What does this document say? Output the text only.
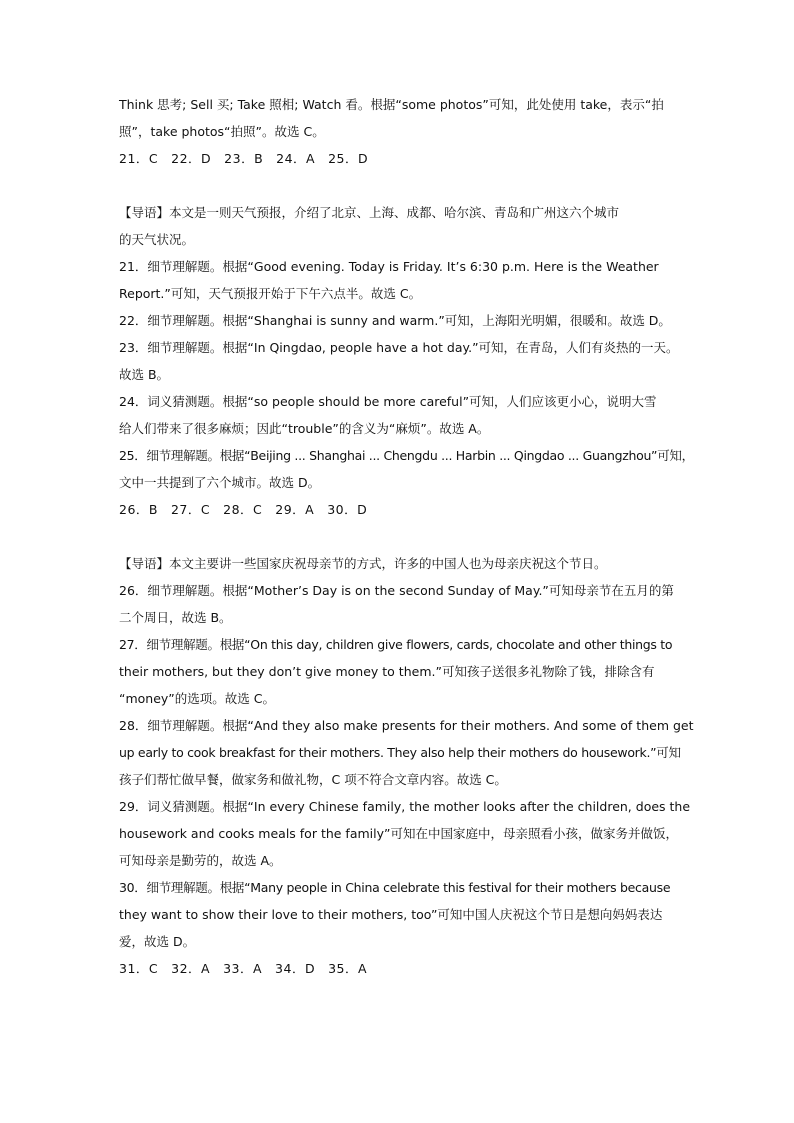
Think 思考; Sell 买; Take 照相; Watch 看。根据“some photos”可知，此处使用 take，表示“拍
照”，take photos“拍照”。故选 C。
21．C　22．D　23．B　24．A　25．D
【导语】本文是一则天气预报，介绍了北京、上海、成都、哈尔滨、青岛和广州这六个城市
的天气状况。
21．细节理解题。根据“Good evening. Today is Friday. It’s 6:30 p.m. Here is the Weather
Report.”可知，天气预报开始于下午六点半。故选 C。
22．细节理解题。根据“Shanghai is sunny and warm.”可知，上海阳光明媚，很暖和。故选 D。
23．细节理解题。根据“In Qingdao, people have a hot day.”可知，在青岛，人们有炎热的一天。
故选 B。
24．词义猜测题。根据“so people should be more careful”可知，人们应该更小心，说明大雪
给人们带来了很多麻烦；因此“trouble”的含义为“麻烦”。故选 A。
25．细节理解题。根据“Beijing ... Shanghai ... Chengdu ... Harbin ... Qingdao ... Guangzhou”可知，
文中一共提到了六个城市。故选 D。
26．B　27．C　28．C　29．A　30．D
【导语】本文主要讲一些国家庆祝母亲节的方式，许多的中国人也为母亲庆祝这个节日。
26．细节理解题。根据“Mother’s Day is on the second Sunday of May.”可知母亲节在五月的第
二个周日，故选 B。
27．细节理解题。根据“On this day, children give flowers, cards, chocolate and other things to
their mothers, but they don’t give money to them.”可知孩子送很多礼物除了钱，排除含有
“money”的选项。故选 C。
28．细节理解题。根据“And they also make presents for their mothers. And some of them get
up early to cook breakfast for their mothers. They also help their mothers do housework.”可知
孩子们帮忙做早餐，做家务和做礼物，C 项不符合文章内容。故选 C。
29．词义猜测题。根据“In every Chinese family, the mother looks after the children, does the
housework and cooks meals for the family”可知在中国家庭中，母亲照看小孩，做家务并做饭，
可知母亲是勤劳的，故选 A。
30．细节理解题。根据“Many people in China celebrate this festival for their mothers because
they want to show their love to their mothers, too”可知中国人庆祝这个节日是想向妈妈表达
爱，故选 D。
31．C　32．A　33．A　34．D　35．A
